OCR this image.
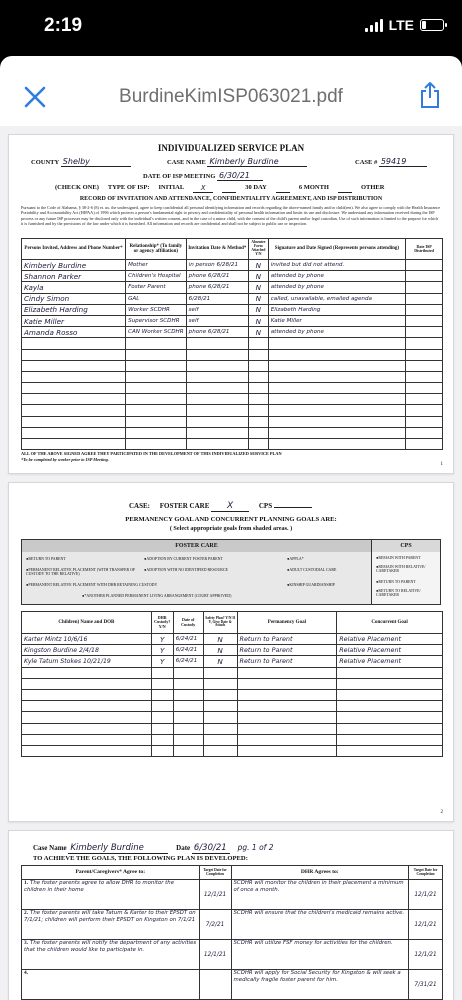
2:19	LTE
BurdineKimISP063021.pdf
INDIVIDUALIZED SERVICE PLAN
COUNTY Shelby	CASE NAME Kimberly Burdine	CASE # 59419
DATE OF ISP MEETING 6/30/21
(CHECK ONE) TYPE OF ISP: INITIAL	X	30 DAY	6 MONTH	OTHER
RECORD OF INVITATION AND ATTENDANCE, CONFIDENTIALITY AGREEMENT, AND ISP DISTRIBUTION
Pursuant to the Code of Alabama, § 38-2-6 (8) et. ux. the undersigned, agree to keep confidential all personal identifying information and records regarding the above-named family and/or child(ren). We also agree to comply with the Health Insurance Portability and Accountability Act (HIPAA) of 1996 which protects a person's fundamental right to privacy and confidentiality of personal health information and limits its use and disclosure. We understand any information received during the ISP process or any future ISP processes may be disclosed only with the individual's written consent, and in the case of a minor child, with the consent of the child's parent and/or legal custodian. Use of such information is limited to the purpose for which it is furnished and by the provisions of the law under which it is furnished. All information and records are confidential and shall not be subject to public use or inspection.
Persons Invited, Address and Phone Number*	Relationship* (To family or agency affiliation)	Invitation Date & Method*	Absentee Form Attached Y/N	Signature and Date Signed (Represents persons attending)	Date ISP Distributed
Kimberly Burdine	Mother	in person 6/28/21	N	invited but did not attend.	
Shannon Parker	Children's Hospital	phone 6/28/21	N	attended by phone	
Kayla	Foster Parent	phone 6/28/21	N	attended by phone	
Cindy Simon	GAL	6/28/21	N	called, unavailable, emailed agenda	
Elizabeth Harding	Worker SCDHR	self	N	Elizabeth Harding	
Katie Miller	Supervisor SCDHR	self	N	Katie Miller	
Amanda Rosso	CAN Worker SCDHR	phone 6/28/21	N	attended by phone	

ALL OF THE ABOVE SIGNED AGREE THEY PARTICIPATED IN THE DEVELOPMENT OF THIS INDIVIDUALIZED SERVICE PLAN
*To be completed by worker prior to ISP Meeting.
1
CASE: FOSTER CARE X	CPS
PERMANENCY GOAL AND CONCURRENT PLANNING GOALS ARE:
( Select appropriate goals from shaded areas. )
FOSTER CARE	CPS
● RETURN TO PARENT	● ADOPTION BY CURRENT FOSTER PARENT	● APPLA*
● PERMANENT RELATIVE PLACEMENT (WITH TRANSFER OF CUSTODY TO THE RELATIVE)
● ADOPTION WITH NO IDENTIFIED RESOURCE	● ADULT CUSTODIAL CARE
● PERMANENT RELATIVE PLACEMENT WITH DHR RETAINING CUSTODY	● KINSHIP GUARDIANSHIP
● *ANOTHER PLANNED PERMANENT LIVING ARRANGEMENT (COURT APPROVED)
● REMAIN WITH PARENT
● REMAIN WITH RELATIVE/ CARETAKER
● RETURN TO PARENT
● RETURN TO RELATIVE/ CARETAKER
Children) Name and DOB	DHR Custody? Y/N	Date of Custody	Safety Plan? Y/N If Y, Give Date & Attach	Permanency Goal	Concurrent Goal
Karter Mintz 10/6/16	Y	6/24/21	N	Return to Parent	Relative Placement
Kingston Burdine 2/4/18	Y	6/24/21	N	Return to Parent	Relative Placement
Kyle Tatum Stokes 10/21/19	Y	6/24/21	N	Return to Parent	Relative Placement

2
Case Name Kimberly Burdine	Date 6/30/21 pg. 1 of 2
TO ACHIEVE THE GOALS, THE FOLLOWING PLAN IS DEVELOPED:
Parent/Caregivers* Agree to:	Target Date for Completion	DHR Agrees to:	Target Date for Completion
1. The foster parents agree to allow DHR to monitor the children in their home	12/1/21	SCDHR will monitor the children in their placement a minimum of once a month.	12/1/21
2. The foster parents will take Tatum & Karter to their EPSDT on 7/1/21; children will perform their EPSDT on Kingston on 7/1/21	7/2/21	SCDHR will ensure that the children's medicaid remains active.	12/1/21
3. The foster parents will notify the department of any activities that the children would like to participate in.	12/1/21	SCDHR will utilize FSF money for activities for the children.	12/1/21
4.		SCDHR will apply for Social Security for Kingston & will seek a medically fragile foster parent for him.	7/31/21
